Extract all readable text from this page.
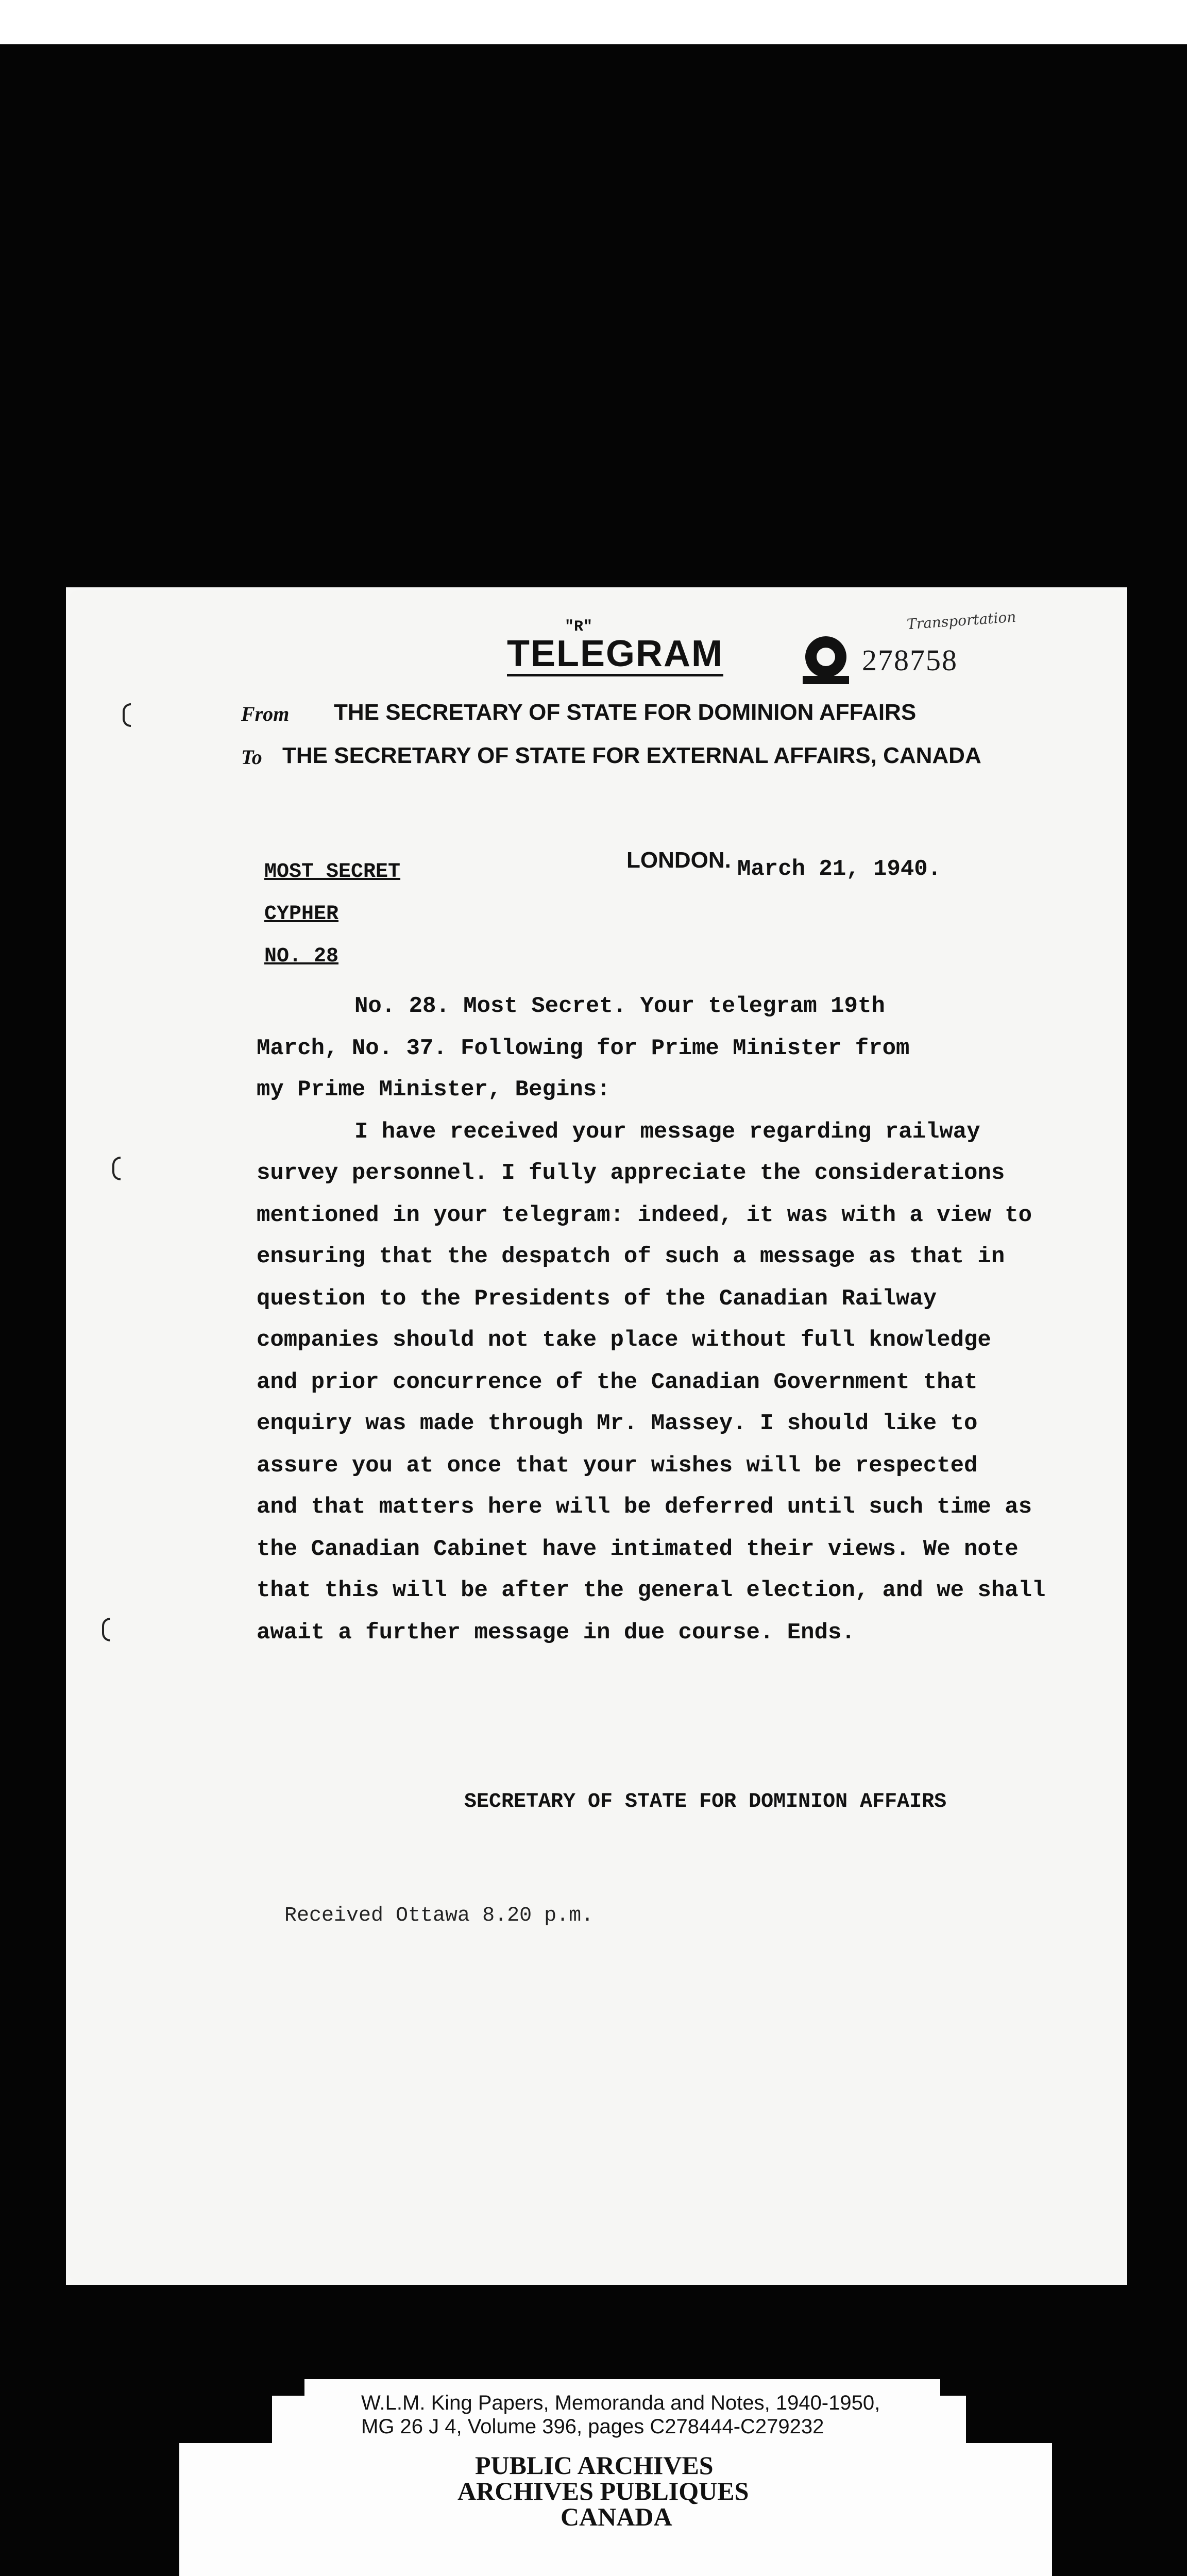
"R"
TELEGRAM	278758
Transportation
From THE SECRETARY OF STATE FOR DOMINION AFFAIRS
To THE SECRETARY OF STATE FOR EXTERNAL AFFAIRS, CANADA
MOST SECRET
CYPHER
NO. 28
LONDON. March 21, 1940.
No. 28. Most Secret. Your telegram 19th
March, No. 37. Following for Prime Minister from
my Prime Minister, Begins:
I have received your message regarding railway
survey personnel. I fully appreciate the considerations
mentioned in your telegram: indeed, it was with a view to
ensuring that the despatch of such a message as that in
question to the Presidents of the Canadian Railway
companies should not take place without full knowledge
and prior concurrence of the Canadian Government that
enquiry was made through Mr. Massey. I should like to
assure you at once that your wishes will be respected
and that matters here will be deferred until such time as
the Canadian Cabinet have intimated their views. We note
that this will be after the general election, and we shall
await a further message in due course. Ends.
SECRETARY OF STATE FOR DOMINION AFFAIRS
Received Ottawa 8.20 p.m.
W.L.M. King Papers, Memoranda and Notes, 1940-1950,
MG 26 J 4, Volume 396, pages C278444-C279232
PUBLIC ARCHIVES
ARCHIVES PUBLIQUES
CANADA
